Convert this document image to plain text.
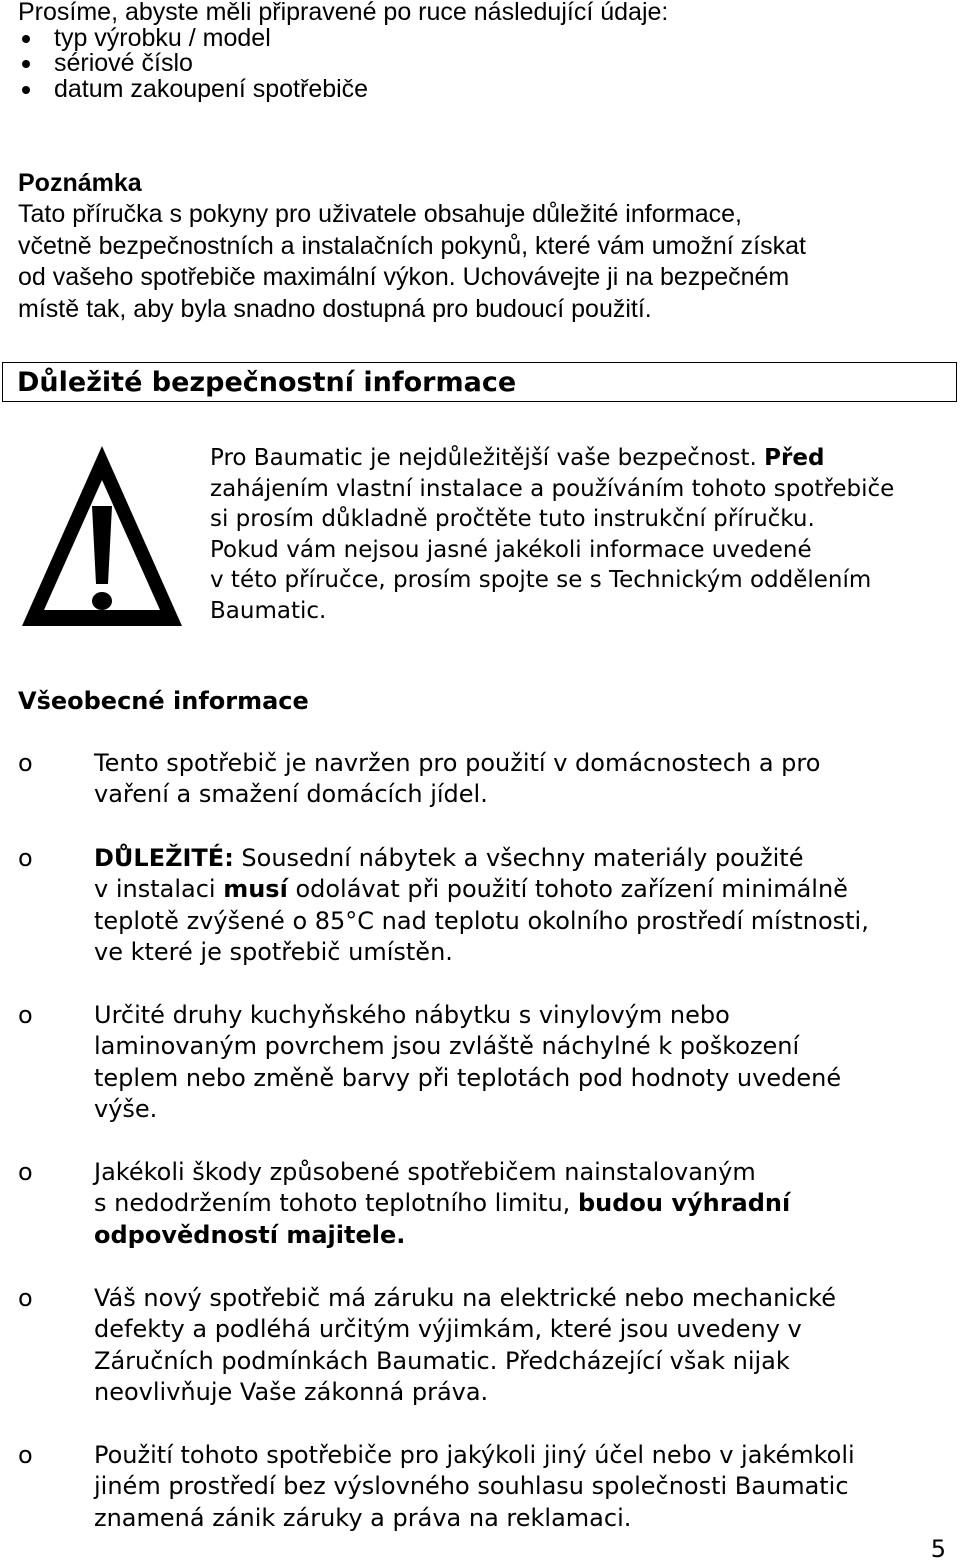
Prosíme, abyste měli připravené po ruce následující údaje:
typ výrobku / model
sériové číslo
datum zakoupení spotřebiče
Poznámka
Tato příručka s pokyny pro uživatele obsahuje důležité informace,
včetně bezpečnostních a instalačních pokynů, které vám umožní získat
od vašeho spotřebiče maximální výkon. Uchovávejte ji na bezpečném
místě tak, aby byla snadno dostupná pro budoucí použití.
Důležité bezpečnostní informace
Pro Baumatic je nejdůležitější vaše bezpečnost. Před
zahájením vlastní instalace a používáním tohoto spotřebiče
si prosím důkladně pročtěte tuto instrukční příručku.
Pokud vám nejsou jasné jakékoli informace uvedené
v této příručce, prosím spojte se s Technickým oddělením
Baumatic.
Všeobecné informace
o	Tento spotřebič je navržen pro použití v domácnostech a pro
vaření a smažení domácích jídel.
o	DŮLEŽITÉ: Sousední nábytek a všechny materiály použité
v instalaci musí odolávat při použití tohoto zařízení minimálně
teplotě zvýšené o 85°C nad teplotu okolního prostředí místnosti,
ve které je spotřebič umístěn.
o	Určité druhy kuchyňského nábytku s vinylovým nebo
laminovaným povrchem jsou zvláště náchylné k poškození
teplem nebo změně barvy při teplotách pod hodnoty uvedené
výše.
o	Jakékoli škody způsobené spotřebičem nainstalovaným
s nedodržením tohoto teplotního limitu, budou výhradní
odpovědností majitele.
o	Váš nový spotřebič má záruku na elektrické nebo mechanické
defekty a podléhá určitým výjimkám, které jsou uvedeny v
Záručních podmínkách Baumatic. Předcházející však nijak
neovlivňuje Vaše zákonná práva.
o	Použití tohoto spotřebiče pro jakýkoli jiný účel nebo v jakémkoli
jiném prostředí bez výslovného souhlasu společnosti Baumatic
znamená zánik záruky a práva na reklamaci.
5
